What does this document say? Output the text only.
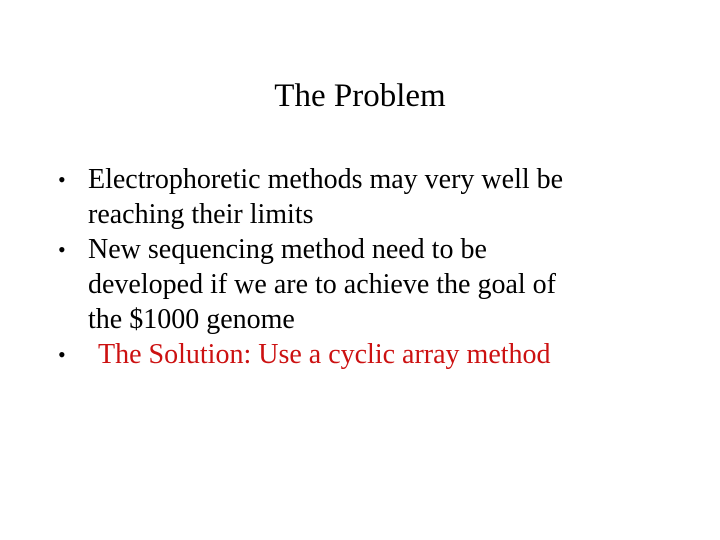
The Problem
• Electrophoretic methods may very well be
reaching their limits
• New sequencing method need to be
developed if we are to achieve the goal of
the $1000 genome
•	The Solution: Use a cyclic array method
